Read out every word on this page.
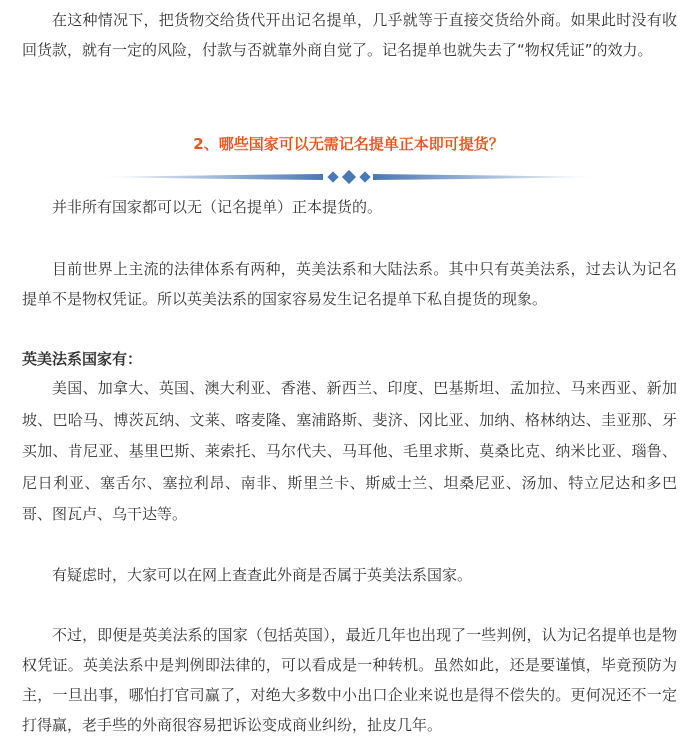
在这种情况下，把货物交给货代开出记名提单，几乎就等于直接交货给外商。如果此时没有收回货款，就有一定的风险，付款与否就靠外商自觉了。记名提单也就失去了“物权凭证”的效力。

2、哪些国家可以无需记名提单正本即可提货？

并非所有国家都可以无（记名提单）正本提货的。

目前世界上主流的法律体系有两种，英美法系和大陆法系。其中只有英美法系，过去认为记名提单不是物权凭证。所以英美法系的国家容易发生记名提单下私自提货的现象。

英美法系国家有：

美国、加拿大、英国、澳大利亚、香港、新西兰、印度、巴基斯坦、孟加拉、马来西亚、新加坡、巴哈马、博茨瓦纳、文莱、喀麦隆、塞浦路斯、斐济、冈比亚、加纳、格林纳达、圭亚那、牙买加、肯尼亚、基里巴斯、莱索托、马尔代夫、马耳他、毛里求斯、莫桑比克、纳米比亚、瑙鲁、尼日利亚、塞舌尔、塞拉利昂、南非、斯里兰卡、斯威士兰、坦桑尼亚、汤加、特立尼达和多巴哥、图瓦卢、乌干达等。

有疑虑时，大家可以在网上查查此外商是否属于英美法系国家。

不过，即便是英美法系的国家（包括英国），最近几年也出现了一些判例，认为记名提单也是物权凭证。英美法系中是判例即法律的，可以看成是一种转机。虽然如此，还是要谨慎，毕竟预防为主，一旦出事，哪怕打官司赢了，对绝大多数中小出口企业来说也是得不偿失的。更何况还不一定打得赢，老手些的外商很容易把诉讼变成商业纠纷，扯皮几年。
